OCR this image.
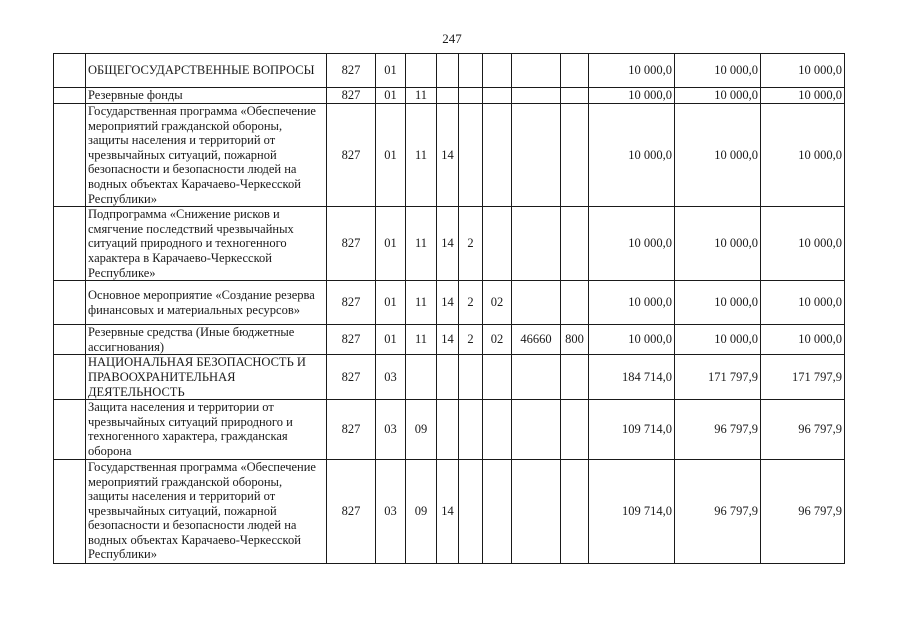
247
	ОБЩЕГОСУДАРСТВЕННЫЕ ВОПРОСЫ	827	01							10 000,0	10 000,0	10 000,0
	Резервные фонды	827	01	11						10 000,0	10 000,0	10 000,0
	Государственная программа «Обеспечение мероприятий гражданской обороны, защиты населения и территорий от чрезвычайных ситуаций, пожарной безопасности и безопасности людей на водных объектах Карачаево-Черкесской Республики»	827	01	11	14					10 000,0	10 000,0	10 000,0
	Подпрограмма «Снижение рисков и смягчение последствий чрезвычайных ситуаций природного и техногенного характера в Карачаево-Черкесской Республике»	827	01	11	14	2				10 000,0	10 000,0	10 000,0
	Основное мероприятие «Создание резерва финансовых и материальных ресурсов»	827	01	11	14	2	02			10 000,0	10 000,0	10 000,0
	Резервные средства (Иные бюджетные ассигнования)	827	01	11	14	2	02	46660	800	10 000,0	10 000,0	10 000,0
	НАЦИОНАЛЬНАЯ БЕЗОПАСНОСТЬ И ПРАВООХРАНИТЕЛЬНАЯ ДЕЯТЕЛЬНОСТЬ	827	03							184 714,0	171 797,9	171 797,9
	Защита населения и территории от чрезвычайных ситуаций природного и техногенного характера, гражданская оборона	827	03	09						109 714,0	96 797,9	96 797,9
	Государственная программа «Обеспечение мероприятий гражданской обороны, защиты населения и территорий от чрезвычайных ситуаций, пожарной безопасности и безопасности людей на водных объектах Карачаево-Черкесской Республики»	827	03	09	14					109 714,0	96 797,9	96 797,9
